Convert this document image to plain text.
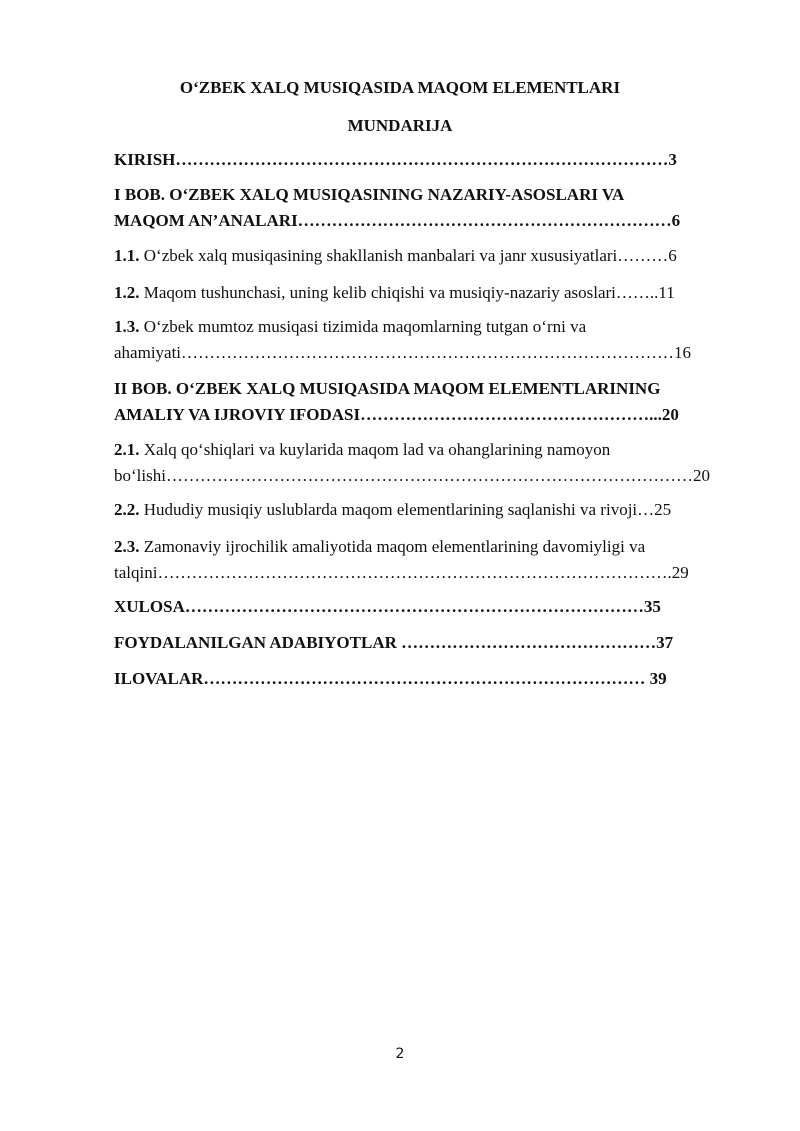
O‘ZBEK XALQ MUSIQASIDA MAQOM ELEMENTLARI
MUNDARIJA
KIRISH……………………………………………………………………………3
I BOB. O‘ZBEK XALQ MUSIQASINING NAZARIY-ASOSLARI VA
MAQOM AN’ANALARI…………………………………………………………6
1.1. O‘zbek xalq musiqasining shakllanish manbalari va janr xususiyatlari………6
1.2. Maqom tushunchasi, uning kelib chiqishi va musiqiy-nazariy asoslari……..11
1.3. O‘zbek mumtoz musiqasi tizimida maqomlarning tutgan o‘rni va
ahamiyati……………………………………………………………………………16
II BOB. O‘ZBEK XALQ MUSIQASIDA MAQOM ELEMENTLARINING
AMALIY VA IJROVIY IFODASI……………………………………………...20
2.1. Xalq qo‘shiqlari va kuylarida maqom lad va ohanglarining namoyon
bo‘lishi…………………………………………………………………………………20
2.2. Hududiy musiqiy uslublarda maqom elementlarining saqlanishi va rivoji…25
2.3. Zamonaviy ijrochilik amaliyotida maqom elementlarining davomiyligi va
talqini……………………………………………………………………………….29
XULOSA………………………………………………………………………35
FOYDALANILGAN ADABIYOTLAR ………………………………………37
ILOVALAR…………………………………………………………………… 39
2
